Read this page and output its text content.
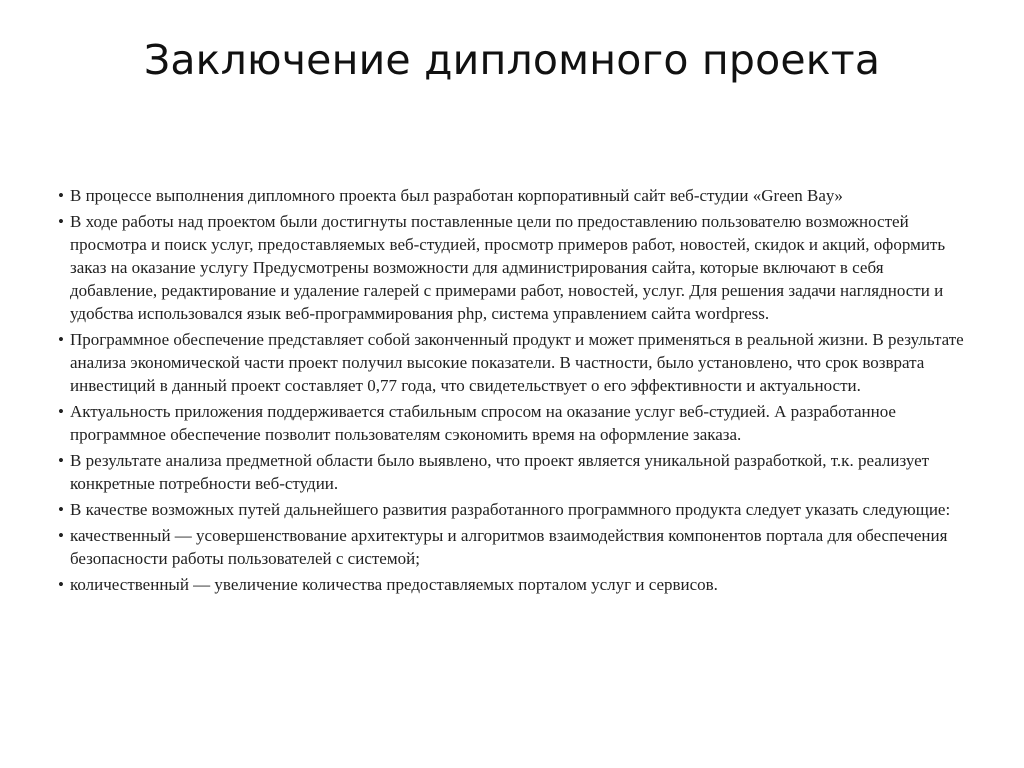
Заключение дипломного проекта
• В процессе выполнения дипломного проекта был разработан корпоративный сайт веб-студии «Green Bay»
• В ходе работы над проектом были достигнуты поставленные цели по предоставлению пользователю возможностей просмотра и поиск услуг, предоставляемых веб-студией, просмотр примеров работ, новостей, скидок и акций, оформить заказ на оказание услугу Предусмотрены возможности для администрирования сайта, которые включают в себя добавление, редактирование и удаление галерей с примерами работ, новостей, услуг. Для решения задачи наглядности и удобства использовался язык веб-программирования php, система управлением сайта wordpress.
• Программное обеспечение представляет собой законченный продукт и может применяться в реальной жизни. В результате анализа экономической части проект получил высокие показатели. В частности, было установлено, что срок возврата инвестиций в данный проект составляет 0,77 года, что свидетельствует о его эффективности и актуальности.
• Актуальность приложения поддерживается стабильным спросом на оказание услуг веб-студией. А разработанное программное обеспечение позволит пользователям сэкономить время на оформление заказа.
• В результате анализа предметной области было выявлено, что проект является уникальной разработкой, т.к. реализует конкретные потребности веб-студии.
• В качестве возможных путей дальнейшего развития разработанного программного продукта следует указать следующие:
• качественный — усовершенствование архитектуры и алгоритмов взаимодействия компонентов портала для обеспечения безопасности работы пользователей с системой;
• количественный — увеличение количества предоставляемых порталом услуг и сервисов.
